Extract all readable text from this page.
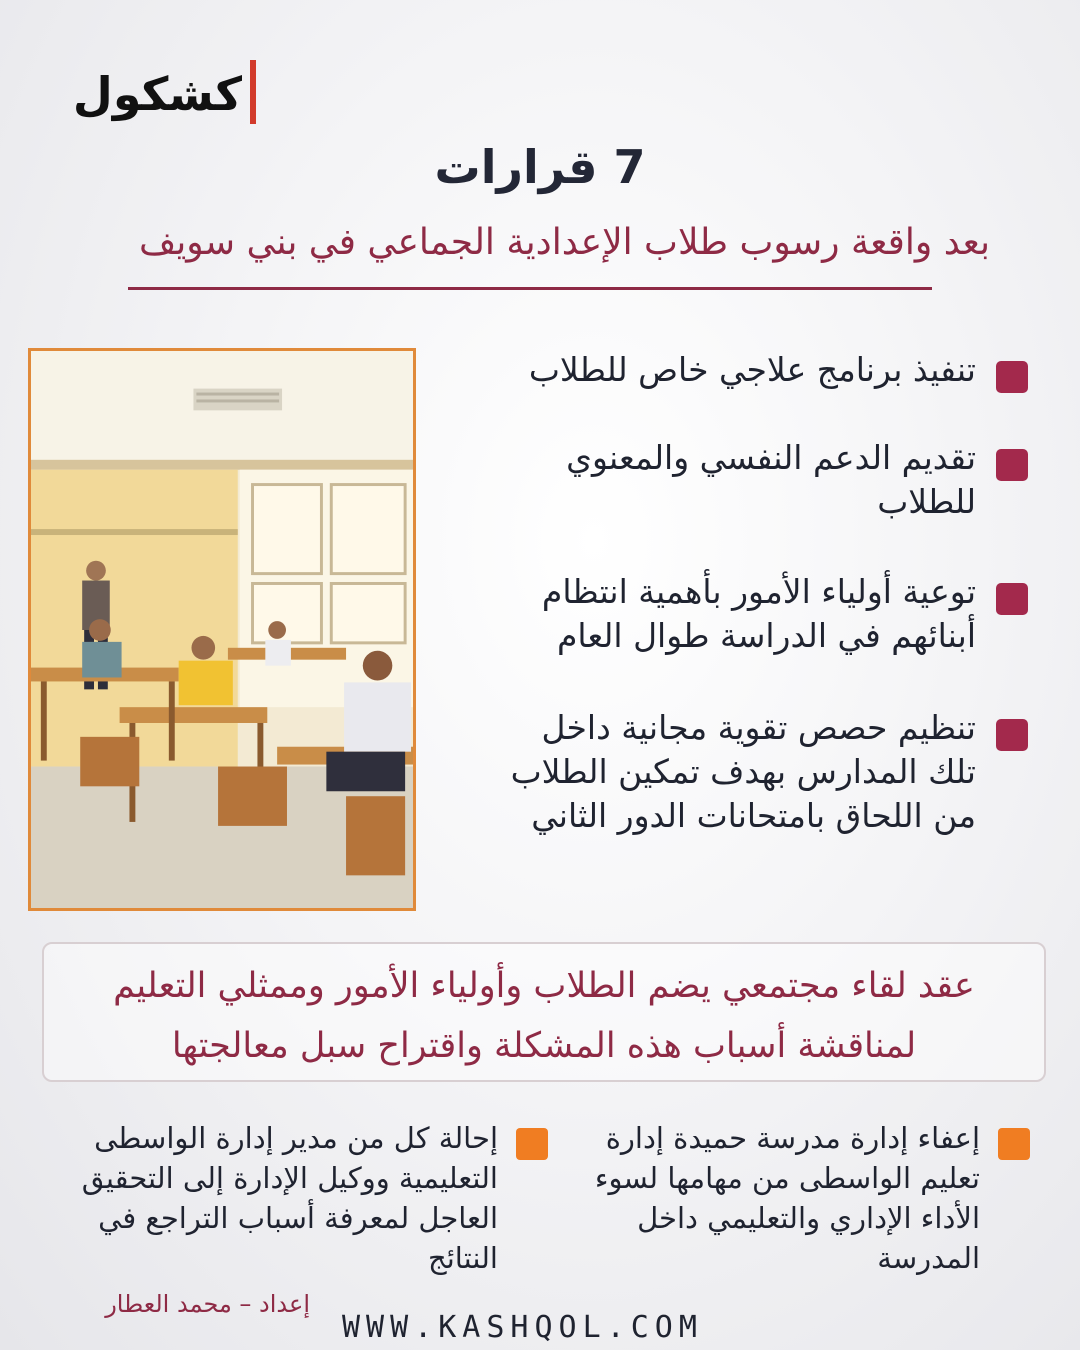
كشكول
7 قرارات
بعد واقعة رسوب طلاب الإعدادية الجماعي في بني سويف
تنفيذ برنامج علاجي خاص للطلاب
تقديم الدعم النفسي والمعنوي للطلاب
توعية أولياء الأمور بأهمية انتظام أبنائهم في الدراسة طوال العام
تنظيم حصص تقوية مجانية داخل تلك المدارس بهدف تمكين الطلاب من اللحاق بامتحانات الدور الثاني
عقد لقاء مجتمعي يضم الطلاب وأولياء الأمور وممثلي التعليم
لمناقشة أسباب هذه المشكلة واقتراح سبل معالجتها
إعفاء إدارة مدرسة حميدة إدارة تعليم الواسطى من مهامها لسوء الأداء الإداري والتعليمي داخل المدرسة
إحالة كل من مدير إدارة الواسطى التعليمية ووكيل الإدارة إلى التحقيق العاجل لمعرفة أسباب التراجع في النتائج
إعداد – محمد العطار
WWW.KASHQOL.COM
